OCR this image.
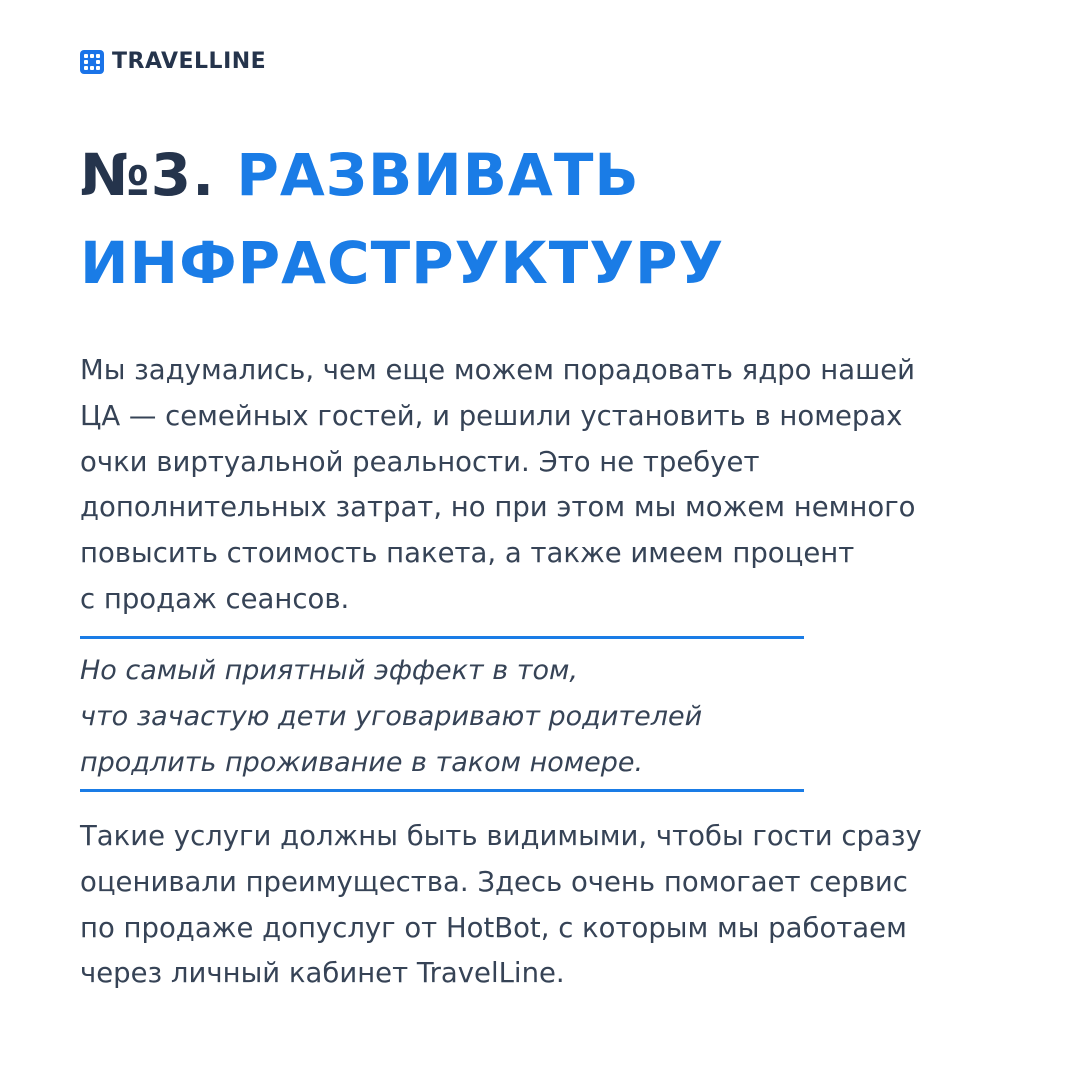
TRAVELLINE
№3. РАЗВИВАТЬ
ИНФРАСТРУКТУРУ

Мы задумались, чем еще можем порадовать ядро нашей
ЦА — семейных гостей, и решили установить в номерах
очки виртуальной реальности. Это не требует
дополнительных затрат, но при этом мы можем немного
повысить стоимость пакета, а также имеем процент
с продаж сеансов.

Но самый приятный эффект в том,
что зачастую дети уговаривают родителей
продлить проживание в таком номере.

Такие услуги должны быть видимыми, чтобы гости сразу
оценивали преимущества. Здесь очень помогает сервис
по продаже допуслуг от HotBot, с которым мы работаем
через личный кабинет TravelLine.
